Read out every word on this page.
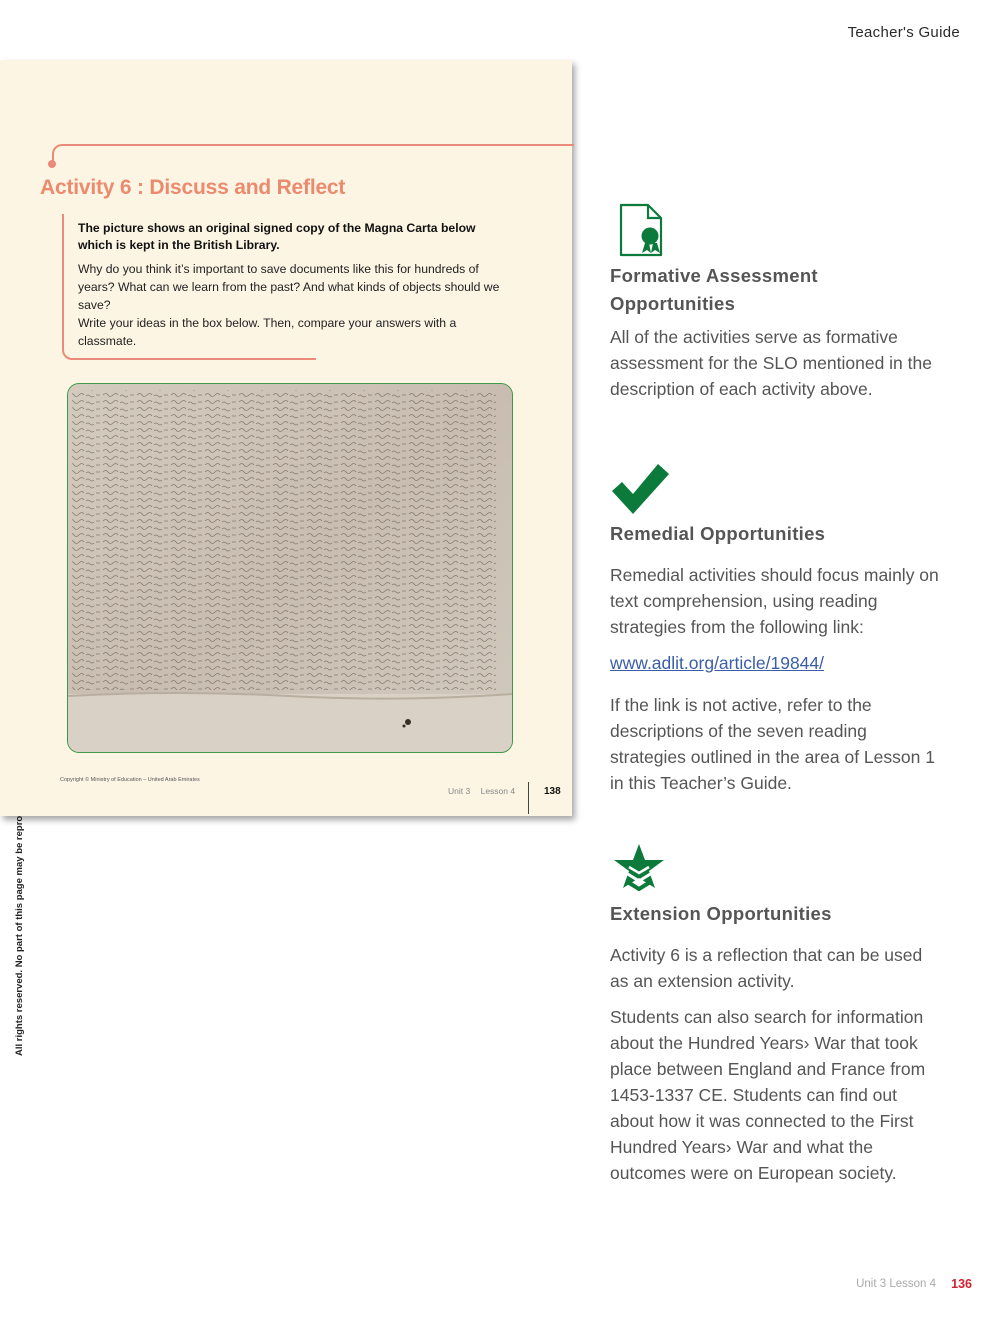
Teacher's Guide
Activity 6 : Discuss and Reflect
The picture shows an original signed copy of the Magna Carta below which is kept in the British Library.

Why do you think it’s important to save documents like this for hundreds of years? What can we learn from the past? And what kinds of objects should we save?

Write your ideas in the box below. Then, compare your answers with a classmate.

Copyright © Ministry of Education – United Arab Emirates
Unit 3 Lesson 4	138
Formative Assessment Opportunities
All of the activities serve as formative assessment for the SLO mentioned in the description of each activity above.
Remedial Opportunities

Remedial activities should focus mainly on text comprehension, using reading strategies from the following link:

www.adlit.org/article/19844/

If the link is not active, refer to the descriptions of the seven reading strategies outlined in the area of Lesson 1 in this Teacher’s Guide.

Extension Opportunities

Activity 6 is a reflection that can be used as an extension activity.

Students can also search for information about the Hundred Years› War that took place between England and France from 1453-1337 CE. Students can find out about how it was connected to the First Hundred Years› War and what the outcomes were on European society.

Unit 3 Lesson 4 136
